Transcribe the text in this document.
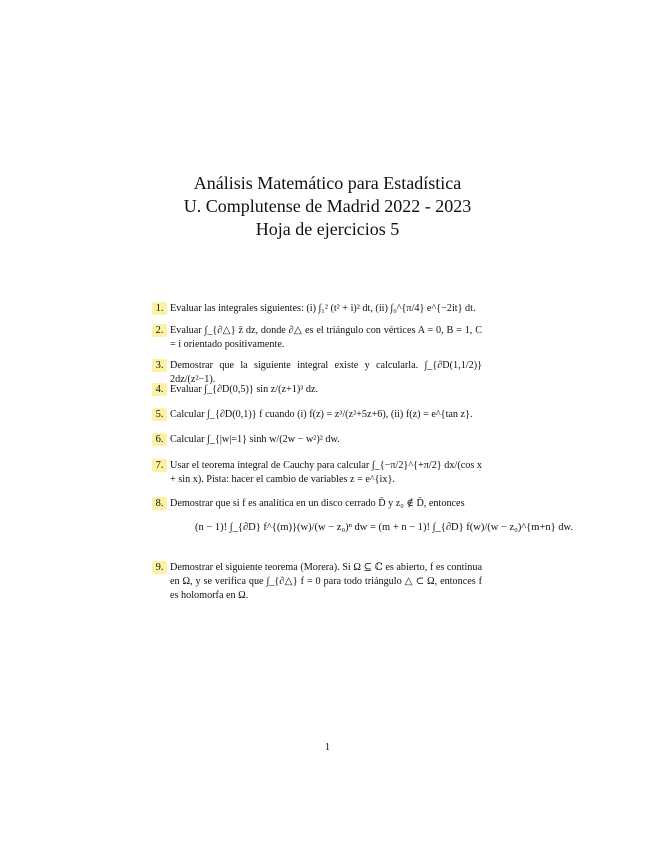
Análisis Matemático para Estadística
U. Complutense de Madrid 2022 - 2023
Hoja de ejercicios 5
1. Evaluar las integrales siguientes: (i) ∫₁² (t² + i)² dt, (ii) ∫₀^{π/4} e^{−2it} dt.
2. Evaluar ∫_{∂△} z̄ dz, donde ∂△ es el triángulo con vértices A = 0, B = 1, C = i orientado positivamente.
3. Demostrar que la siguiente integral existe y calcularla. ∫_{∂D(1,1/2)} 2dz/(z²−1).
4. Evaluar ∫_{∂D(0,5)} sin z/(z+1)³ dz.
5. Calcular ∫_{∂D(0,1)} f cuando (i) f(z) = z³/(z²+5z+6), (ii) f(z) = e^{tan z}.
6. Calcular ∫_{|w|=1} sinh w/(2w − w²)² dw.
7. Usar el teorema integral de Cauchy para calcular ∫_{−π/2}^{+π/2} dx/(cos x + sin x). Pista: hacer el cambio de variables z = e^{ix}.
8. Demostrar que si f es analítica en un disco cerrado D̄ y z₀ ∉ D̄, entonces
(n − 1)! ∫_{∂D} f^{(m)}(w)/(w − z₀)ⁿ dw = (m + n − 1)! ∫_{∂D} f(w)/(w − z₀)^{m+n} dw.
9. Demostrar el siguiente teorema (Morera). Si Ω ⊆ ℂ es abierto, f es continua en Ω, y se verifica que ∫_{∂△} f = 0 para todo triángulo △ ⊂ Ω, entonces f es holomorfa en Ω.
1
